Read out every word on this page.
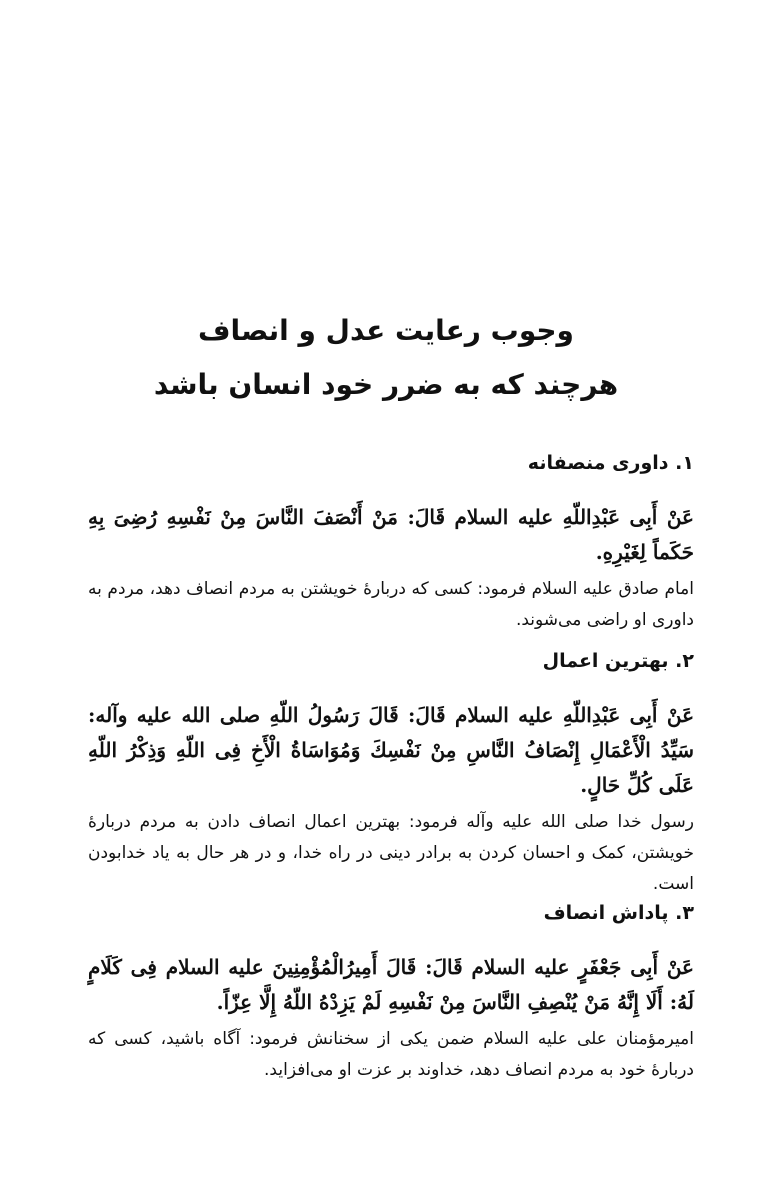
وجوب رعایت عدل و انصاف

هرچند که به ضرر خود انسان باشد

۱. داوری منصفانه

عَنْ أَبِی عَبْدِاللّهِ عليه السلام قَالَ: مَنْ أَنْصَفَ النَّاسَ مِنْ نَفْسِهِ رُضِیَ بِهِ حَكَماً لِغَیْرِهِ.

امام صادق عليه السلام فرمود: كسی كه دربارۀ خویشتن به مردم انصاف دهد، مردم به داوری او راضی می‌شوند.

۲. بهترین اعمال

عَنْ أَبِی عَبْدِاللّهِ عليه السلام قَالَ: قَالَ رَسُولُ اللّهِ صلی الله عليه وآله: سَيِّدُ الْأَعْمَالِ إِنْصَافُ النَّاسِ مِنْ نَفْسِكَ وَمُوَاسَاةُ الْأَخِ فِی اللّهِ وَذِكْرُ اللّهِ عَلَی كُلِّ حَالٍ.

رسول خدا صلی الله عليه وآله فرمود: بهترین اعمال انصاف دادن به مردم دربارۀ خویشتن، كمک و احسان كردن به برادر دینی در راه خدا، و در هر حال به یاد خدابودن است.

۳. پاداش انصاف

عَنْ أَبِی جَعْفَرٍ عليه السلام قَالَ: قَالَ أَمِيرُالْمُؤْمِنِينَ عليه السلام فِی كَلَامٍ لَهُ: أَلَا إِنَّهُ مَنْ يُنْصِفِ النَّاسَ مِنْ نَفْسِهِ لَمْ يَزِدْهُ اللّهُ إِلَّا عِزّاً.

امیرمؤمنان علی عليه السلام ضمن یکی از سخنانش فرمود: آگاه باشید، كسی كه دربارۀ خود به مردم انصاف دهد، خداوند بر عزت او می‌افزاید.
